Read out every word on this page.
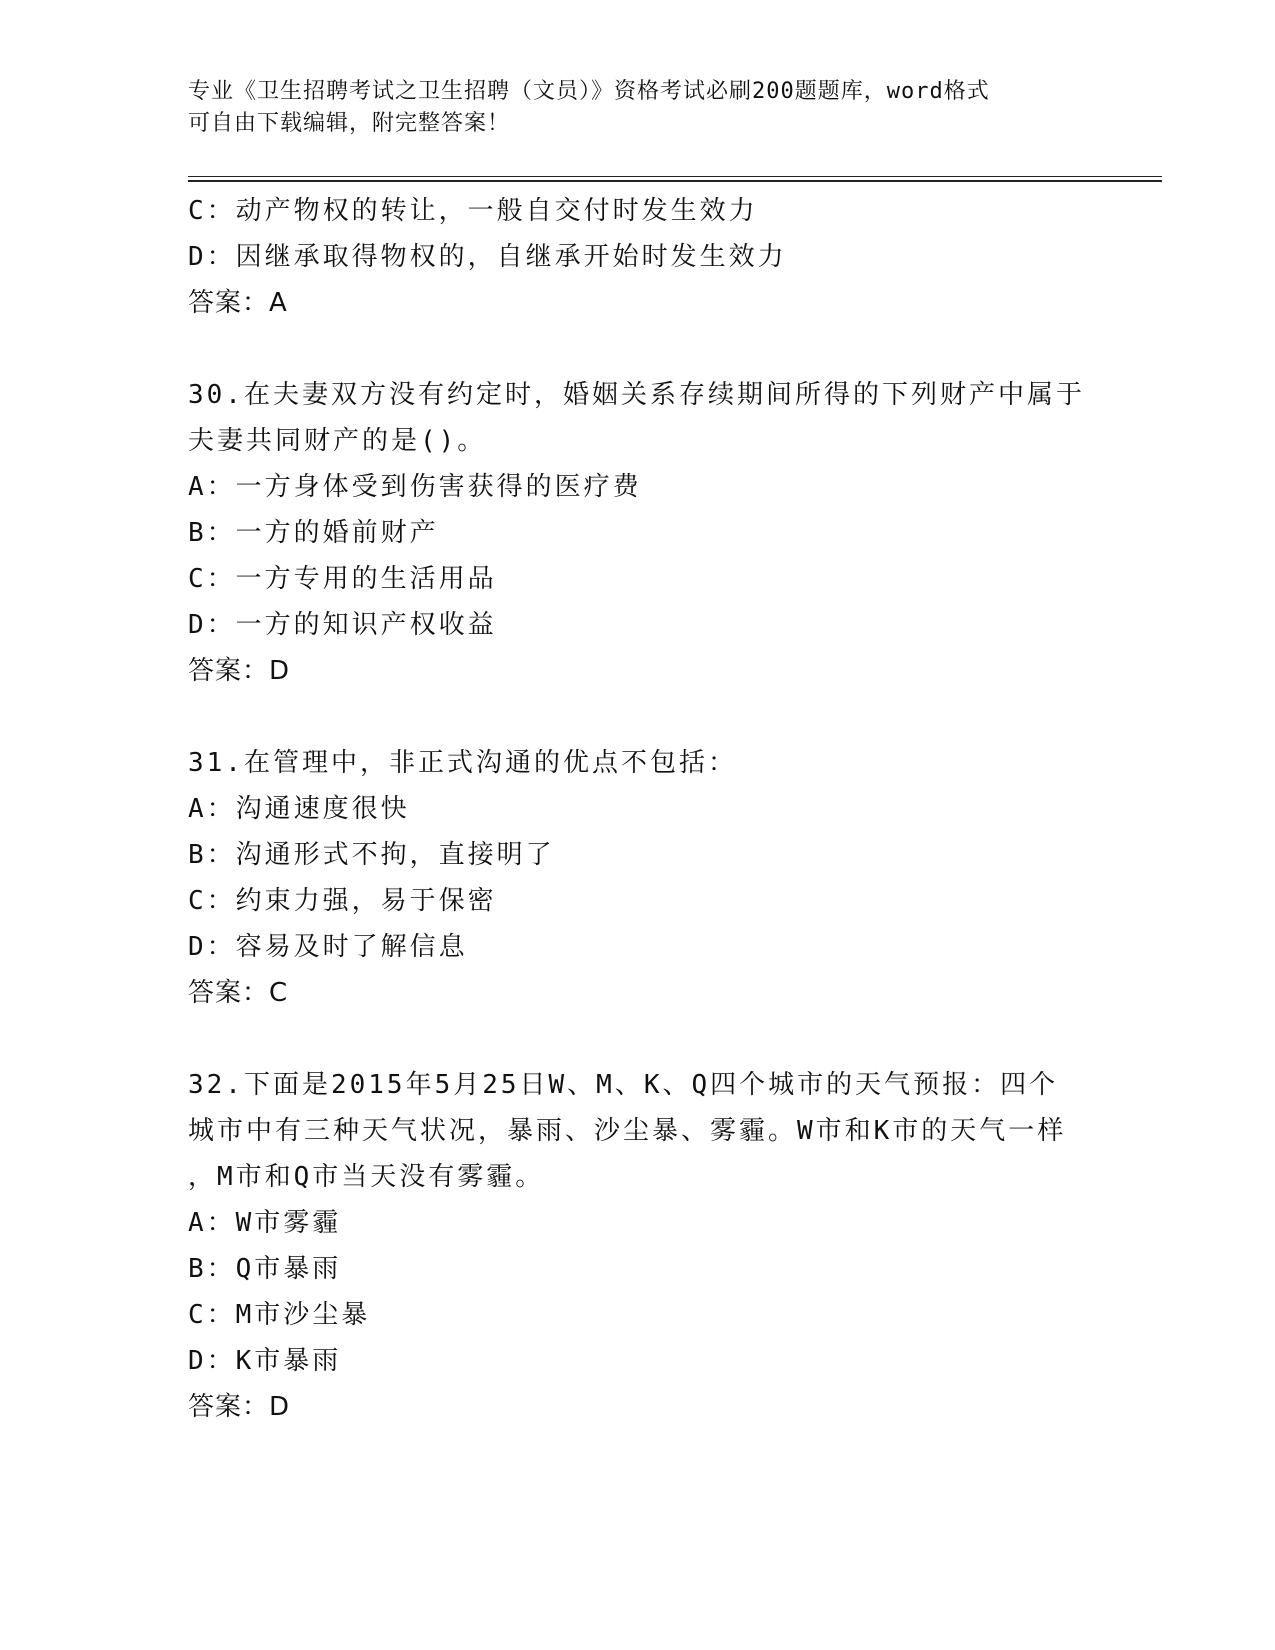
专业《卫生招聘考试之卫生招聘（文员）》资格考试必刷200题题库，word格式
可自由下载编辑，附完整答案！
C：动产物权的转让，一般自交付时发生效力
D：因继承取得物权的，自继承开始时发生效力
答案：A
30.在夫妻双方没有约定时，婚姻关系存续期间所得的下列财产中属于
夫妻共同财产的是()。
A：一方身体受到伤害获得的医疗费
B：一方的婚前财产
C：一方专用的生活用品
D：一方的知识产权收益
答案：D
31.在管理中，非正式沟通的优点不包括：
A：沟通速度很快
B：沟通形式不拘，直接明了
C：约束力强，易于保密
D：容易及时了解信息
答案：C
32.下面是2015年5月25日W、M、K、Q四个城市的天气预报：四个
城市中有三种天气状况，暴雨、沙尘暴、雾霾。W市和K市的天气一样
，M市和Q市当天没有雾霾。
A：W市雾霾
B：Q市暴雨
C：M市沙尘暴
D：K市暴雨
答案：D
